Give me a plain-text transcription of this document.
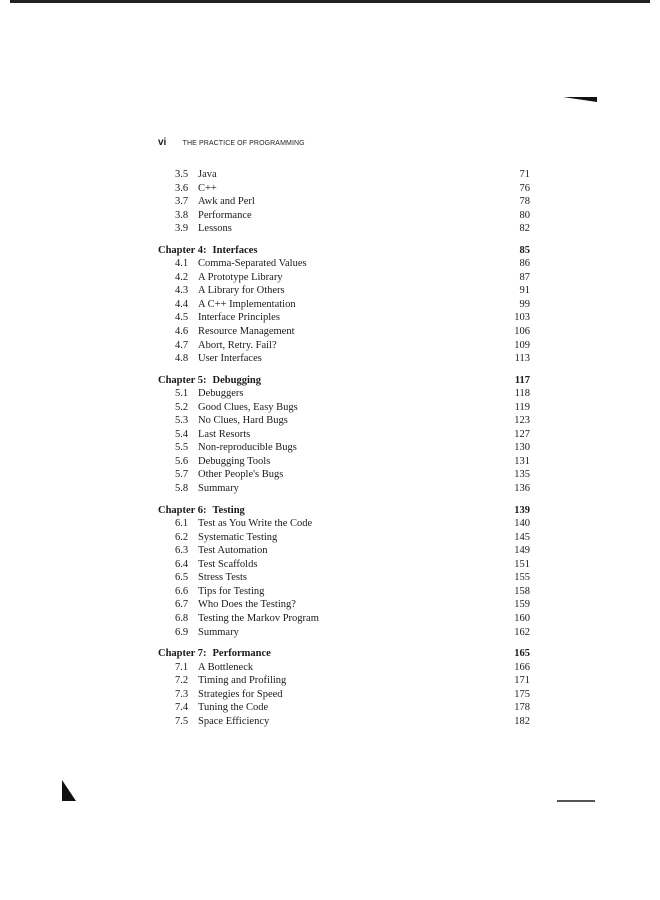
vi THE PRACTICE OF PROGRAMMING
3.5 Java	71
3.6 C++	76
3.7 Awk and Perl	78
3.8 Performance	80
3.9 Lessons	82
Chapter 4: Interfaces	85
4.1 Comma-Separated Values	86
4.2 A Prototype Library	87
4.3 A Library for Others	91
4.4 A C++ Implementation	99
4.5 Interface Principles	103
4.6 Resource Management	106
4.7 Abort, Retry. Fail?	109
4.8 User Interfaces	113
Chapter 5: Debugging	117
5.1 Debuggers	118
5.2 Good Clues, Easy Bugs	119
5.3 No Clues, Hard Bugs	123
5.4 Last Resorts	127
5.5 Non-reproducible Bugs	130
5.6 Debugging Tools	131
5.7 Other People's Bugs	135
5.8 Summary	136
Chapter 6: Testing	139
6.1 Test as You Write the Code	140
6.2 Systematic Testing	145
6.3 Test Automation	149
6.4 Test Scaffolds	151
6.5 Stress Tests	155
6.6 Tips for Testing	158
6.7 Who Does the Testing?	159
6.8 Testing the Markov Program	160
6.9 Summary	162
Chapter 7: Performance	165
7.1 A Bottleneck	166
7.2 Timing and Profiling	171
7.3 Strategies for Speed	175
7.4 Tuning the Code	178
7.5 Space Efficiency	182
